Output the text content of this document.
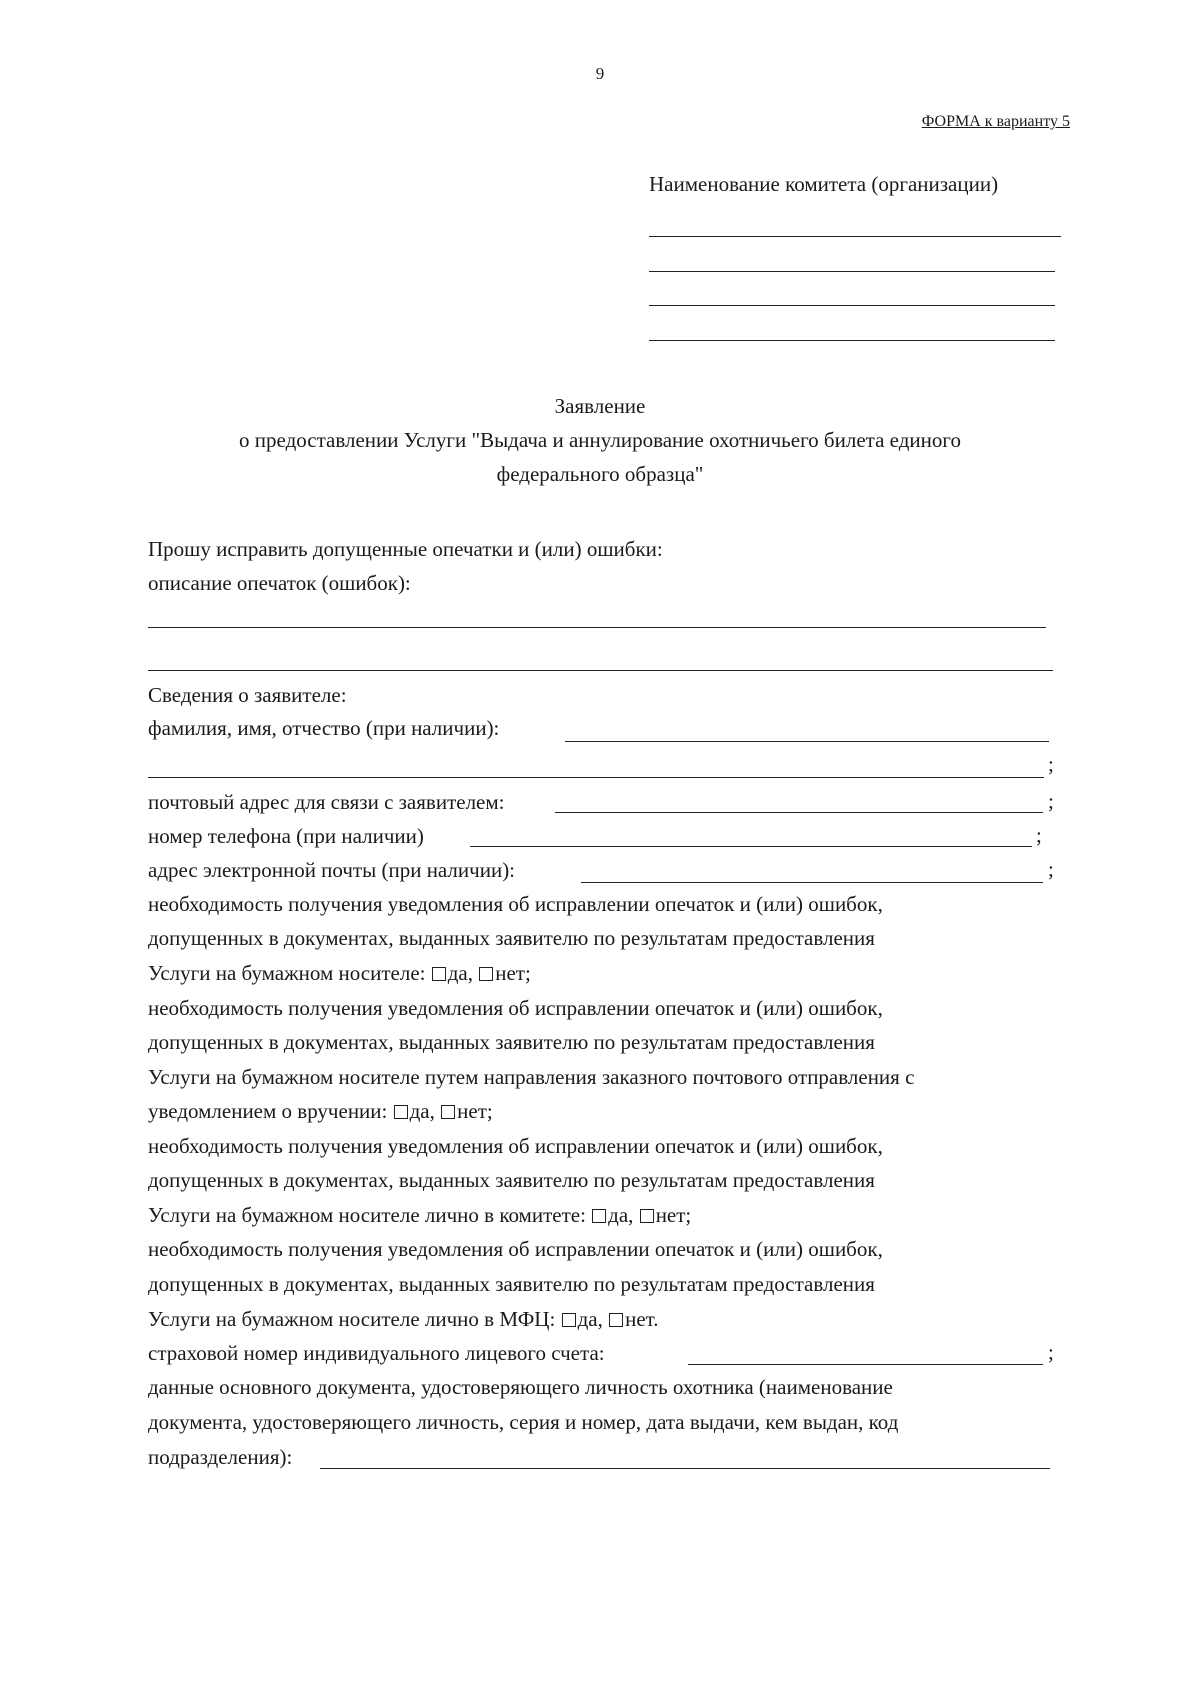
9
ФОРМА к варианту 5
Наименование комитета (организации)
Заявление
о предоставлении Услуги "Выдача и аннулирование охотничьего билета единого
федерального образца"
Прошу исправить допущенные опечатки и (или) ошибки:
описание опечаток (ошибок):
Сведения о заявителе:
фамилия, имя, отчество (при наличии):
;
почтовый адрес для связи с заявителем:	;
номер телефона (при наличии)	;
адрес электронной почты (при наличии):	;
необходимость получения уведомления об исправлении опечаток и (или) ошибок,
допущенных в документах, выданных заявителю по результатам предоставления
Услуги на бумажном носителе: да, нет;
необходимость получения уведомления об исправлении опечаток и (или) ошибок,
допущенных в документах, выданных заявителю по результатам предоставления
Услуги на бумажном носителе путем направления заказного почтового отправления с
уведомлением о вручении: да, нет;
необходимость получения уведомления об исправлении опечаток и (или) ошибок,
допущенных в документах, выданных заявителю по результатам предоставления
Услуги на бумажном носителе лично в комитете: да, нет;
необходимость получения уведомления об исправлении опечаток и (или) ошибок,
допущенных в документах, выданных заявителю по результатам предоставления
Услуги на бумажном носителе лично в МФЦ: да, нет.
страховой номер индивидуального лицевого счета:	;
данные основного документа, удостоверяющего личность охотника (наименование
документа, удостоверяющего личность, серия и номер, дата выдачи, кем выдан, код
подразделения):
